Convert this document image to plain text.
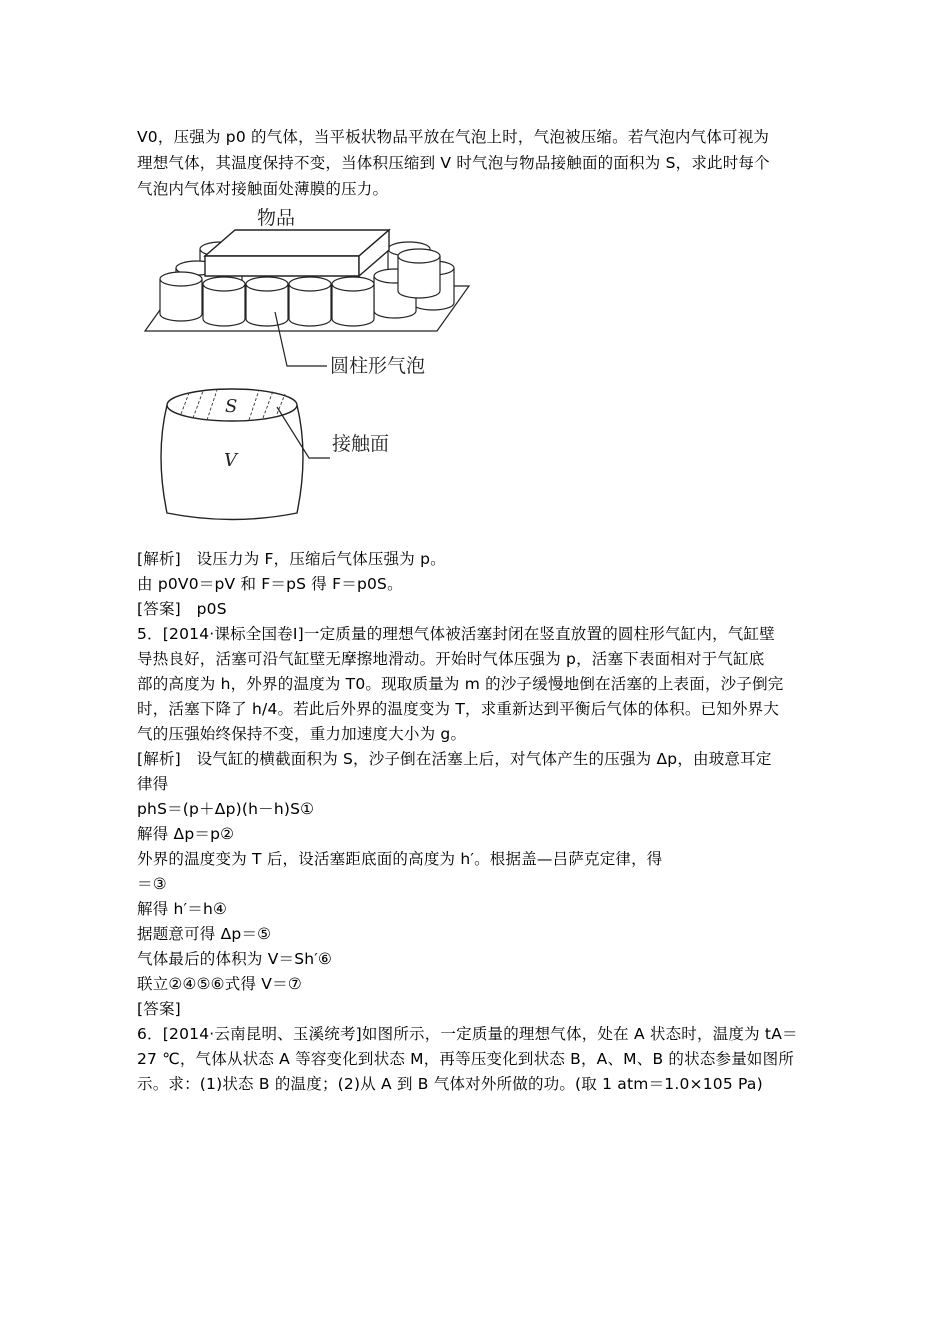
V0，压强为 p0 的气体，当平板状物品平放在气泡上时，气泡被压缩。若气泡内气体可视为
理想气体，其温度保持不变，当体积压缩到 V 时气泡与物品接触面的面积为 S，求此时每个
气泡内气体对接触面处薄膜的压力。
物品
圆柱形气泡
S
V
接触面
[解析]　设压力为 F，压缩后气体压强为 p。
由 p0V0＝pV 和 F＝pS 得 F＝p0S。
[答案]　p0S
5．[2014·课标全国卷Ⅰ]一定质量的理想气体被活塞封闭在竖直放置的圆柱形气缸内，气缸壁
导热良好，活塞可沿气缸壁无摩擦地滑动。开始时气体压强为 p，活塞下表面相对于气缸底
部的高度为 h，外界的温度为 T0。现取质量为 m 的沙子缓慢地倒在活塞的上表面，沙子倒完
时，活塞下降了 h/4。若此后外界的温度变为 T，求重新达到平衡后气体的体积。已知外界大
气的压强始终保持不变，重力加速度大小为 g。
[解析]　设气缸的横截面积为 S，沙子倒在活塞上后，对气体产生的压强为 Δp，由玻意耳定
律得
phS＝(p＋Δp)(h－h)S①
解得 Δp＝p②
外界的温度变为 T 后，设活塞距底面的高度为 h′。根据盖—吕萨克定律，得
＝③
解得 h′＝h④
据题意可得 Δp＝⑤
气体最后的体积为 V＝Sh′⑥
联立②④⑤⑥式得 V＝⑦
[答案]
6．[2014·云南昆明、玉溪统考]如图所示，一定质量的理想气体，处在 A 状态时，温度为 tA＝
27 ℃，气体从状态 A 等容变化到状态 M，再等压变化到状态 B，A、M、B 的状态参量如图所
示。求：(1)状态 B 的温度；(2)从 A 到 B 气体对外所做的功。(取 1 atm＝1.0×105 Pa)
